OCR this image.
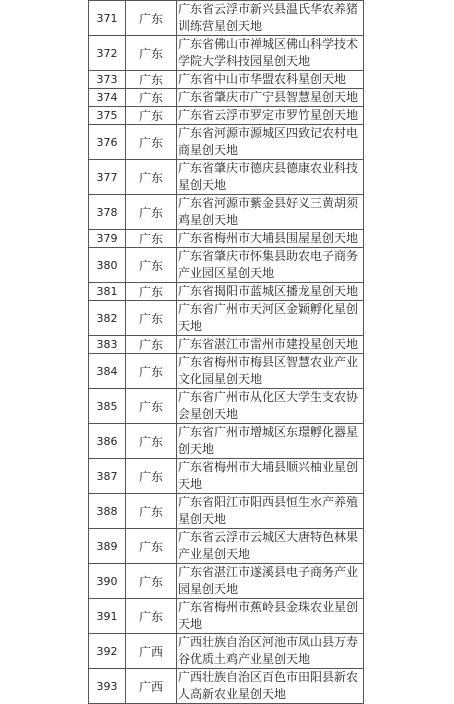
371	广东	广东省云浮市新兴县温氏华农养猪训练营星创天地
372	广东	广东省佛山市禅城区佛山科学技术学院大学科技园星创天地
373	广东	广东省中山市华盟农科星创天地
374	广东	广东省肇庆市广宁县智慧星创天地
375	广东	广东省云浮市罗定市罗竹星创天地
376	广东	广东省河源市源城区四致记农村电商星创天地
377	广东	广东省肇庆市德庆县德康农业科技星创天地
378	广东	广东省河源市紫金县好义三黄胡须鸡星创天地
379	广东	广东省梅州市大埔县围屋星创天地
380	广东	广东省肇庆市怀集县助农电子商务产业园区星创天地
381	广东	广东省揭阳市蓝城区播龙星创天地
382	广东	广东省广州市天河区金颖孵化星创天地
383	广东	广东省湛江市雷州市建投星创天地
384	广东	广东省梅州市梅县区智慧农业产业文化园星创天地
385	广东	广东省广州市从化区大学生支农协会星创天地
386	广东	广东省广州市增城区东璟孵化器星创天地
387	广东	广东省梅州市大埔县顺兴柚业星创天地
388	广东	广东省阳江市阳西县恒生水产养殖星创天地
389	广东	广东省云浮市云城区大唐特色林果产业星创天地
390	广东	广东省湛江市遂溪县电子商务产业园星创天地
391	广东	广东省梅州市蕉岭县金珠农业星创天地
392	广西	广西壮族自治区河池市凤山县万寿谷优质土鸡产业星创天地
393	广西	广西壮族自治区百色市田阳县新农人高新农业星创天地
